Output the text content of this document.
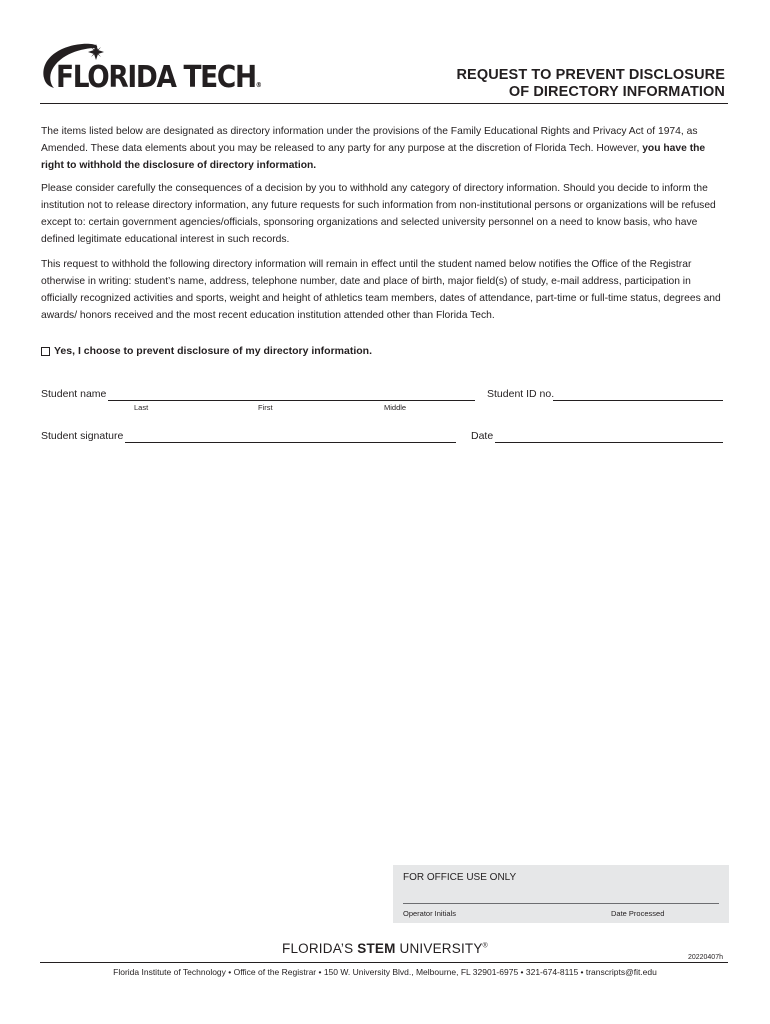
FLORIDA TECH®
REQUEST TO PREVENT DISCLOSURE
OF DIRECTORY INFORMATION
The items listed below are designated as directory information under the provisions of the Family Educational Rights and Privacy Act of 1974, as Amended. These data elements about you may be released to any party for any purpose at the discretion of Florida Tech. However, you have the right to withhold the disclosure of directory information.
Please consider carefully the consequences of a decision by you to withhold any category of directory information. Should you decide to inform the institution not to release directory information, any future requests for such information from non-institutional persons or organizations will be refused except to: certain government agencies/officials, sponsoring organizations and selected university personnel on a need to know basis, who have defined legitimate educational interest in such records.
This request to withhold the following directory information will remain in effect until the student named below notifies the Office of the Registrar otherwise in writing: student’s name, address, telephone number, date and place of birth, major field(s) of study, e-mail address, participation in officially recognized activities and sports, weight and height of athletics team members, dates of attendance, part-time or full-time status, degrees and awards/ honors received and the most recent education institution attended other than Florida Tech.
Yes, I choose to prevent disclosure of my directory information.
Student name
Last	First	Middle
Student ID no.
Student signature	Date
FOR OFFICE USE ONLY
Operator Initials	Date Processed
FLORIDA’S STEM UNIVERSITY®
20220407h
Florida Institute of Technology • Office of the Registrar • 150 W. University Blvd., Melbourne, FL 32901-6975 • 321-674-8115 • transcripts@fit.edu
